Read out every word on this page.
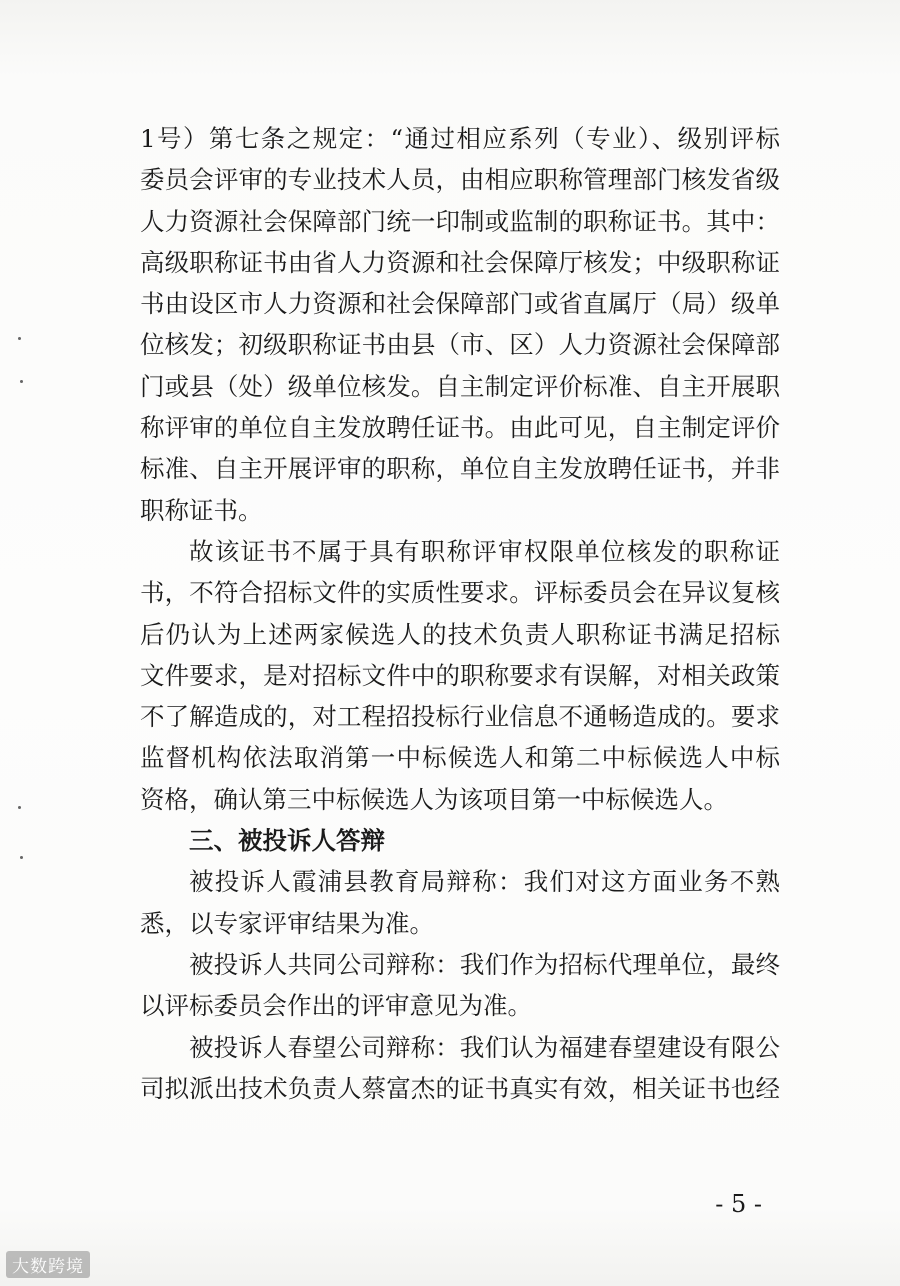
1号）第七条之规定：“通过相应系列（专业）、级别评标
委员会评审的专业技术人员，由相应职称管理部门核发省级
人力资源社会保障部门统一印制或监制的职称证书。其中：
高级职称证书由省人力资源和社会保障厅核发；中级职称证
书由设区市人力资源和社会保障部门或省直属厅（局）级单
位核发；初级职称证书由县（市、区）人力资源社会保障部
门或县（处）级单位核发。自主制定评价标准、自主开展职
称评审的单位自主发放聘任证书。由此可见，自主制定评价
标准、自主开展评审的职称，单位自主发放聘任证书，并非
职称证书。
故该证书不属于具有职称评审权限单位核发的职称证
书，不符合招标文件的实质性要求。评标委员会在异议复核
后仍认为上述两家候选人的技术负责人职称证书满足招标
文件要求，是对招标文件中的职称要求有误解，对相关政策
不了解造成的，对工程招投标行业信息不通畅造成的。要求
监督机构依法取消第一中标候选人和第二中标候选人中标
资格，确认第三中标候选人为该项目第一中标候选人。
三、被投诉人答辩
被投诉人霞浦县教育局辩称：我们对这方面业务不熟
悉，以专家评审结果为准。
被投诉人共同公司辩称：我们作为招标代理单位，最终
以评标委员会作出的评审意见为准。
被投诉人春望公司辩称：我们认为福建春望建设有限公
司拟派出技术负责人蔡富杰的证书真实有效，相关证书也经
- 5 -
大数跨境
